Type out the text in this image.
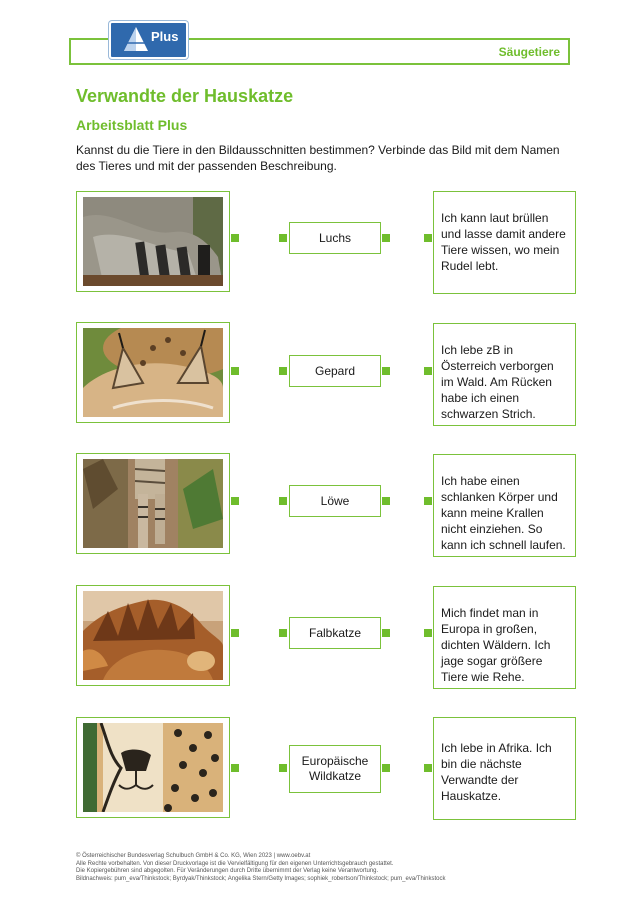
Säugetiere
Plus
Verwandte der Hauskatze
Arbeitsblatt Plus

Kannst du die Tiere in den Bildausschnitten bestimmen? Verbinde das Bild mit dem Namen des Tieres und mit der passenden Beschreibung.

Luchs
Ich kann laut brüllen und lasse damit andere Tiere wissen, wo mein Rudel lebt.
Gepard
Ich lebe zB in Österreich verborgen im Wald. Am Rücken habe ich einen schwarzen Strich.
Löwe
Ich habe einen schlanken Körper und kann meine Krallen nicht einziehen. So kann ich schnell laufen.
Falbkatze
Mich findet man in Europa in großen, dichten Wäldern. Ich jage sogar größere Tiere wie Rehe.
Europäische
Wildkatze
Ich lebe in Afrika. Ich bin die nächste Verwandte der Hauskatze.
© Österreichischer Bundesverlag Schulbuch GmbH & Co. KG, Wien 2023 | www.oebv.at
Alle Rechte vorbehalten. Von dieser Druckvorlage ist die Vervielfältigung für den eigenen Unterrichtsgebrauch gestattet.
Die Kopiergebühren sind abgegolten. Für Veränderungen durch Dritte übernimmt der Verlag keine Verantwortung.
Bildnachweis: pum_eva/Thinkstock; Byrdyak/Thinkstock; Angelika Stern/Getty Images; sophiek_robertson/Thinkstock; pum_eva/Thinkstock
